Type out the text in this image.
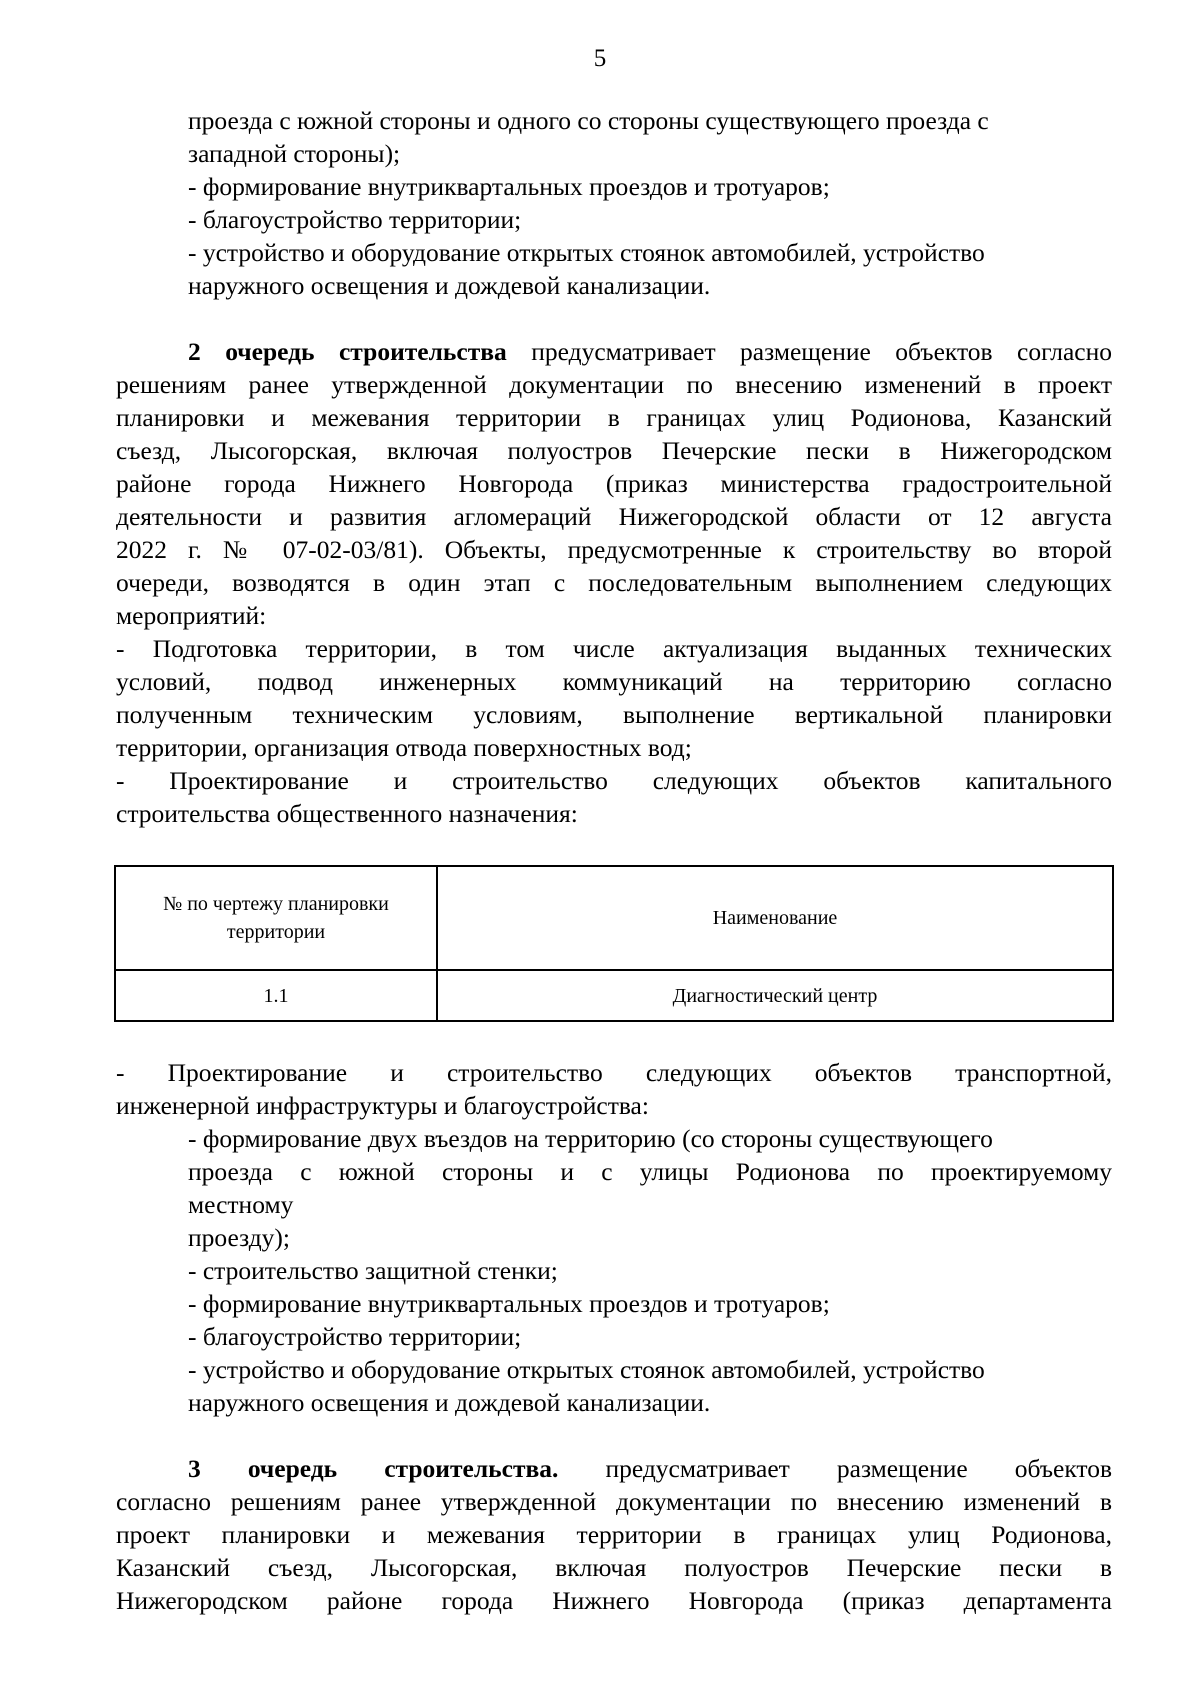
5

проезда с южной стороны и одного со стороны существующего проезда с

западной стороны);

- формирование внутриквартальных проездов и тротуаров;

- благоустройство территории;

- устройство и оборудование открытых стоянок автомобилей, устройство

наружного освещения и дождевой канализации.

2 очередь строительства предусматривает размещение объектов согласно

решениям ранее утвержденной документации по внесению изменений в проект

планировки и межевания территории в границах улиц Родионова, Казанский

съезд, Лысогорская, включая полуостров Печерские пески в Нижегородском

районе города Нижнего Новгорода (приказ министерства градостроительной

деятельности и развития агломераций Нижегородской области от 12 августа

2022 г. № 07-02-03/81). Объекты, предусмотренные к строительству во второй

очереди, возводятся в один этап с последовательным выполнением следующих

мероприятий:

- Подготовка территории, в том числе актуализация выданных технических

условий, подвод инженерных коммуникаций на территорию согласно

полученным техническим условиям, выполнение вертикальной планировки

территории, организация отвода поверхностных вод;

- Проектирование и строительство следующих объектов капитального

строительства общественного назначения:

№ по чертежу планировки территории	Наименование
1.1	Диагностический центр

- Проектирование и строительство следующих объектов транспортной,

инженерной инфраструктуры и благоустройства:

- формирование двух въездов на территорию (со стороны существующего

проезда с южной стороны и с улицы Родионова по проектируемому

местному

проезду);

- строительство защитной стенки;

- формирование внутриквартальных проездов и тротуаров;

- благоустройство территории;

- устройство и оборудование открытых стоянок автомобилей, устройство

наружного освещения и дождевой канализации.

3 очередь строительства. предусматривает размещение объектов

согласно решениям ранее утвержденной документации по внесению изменений в

проект планировки и межевания территории в границах улиц Родионова,

Казанский съезд, Лысогорская, включая полуостров Печерские пески в

Нижегородском районе города Нижнего Новгорода (приказ департамента
